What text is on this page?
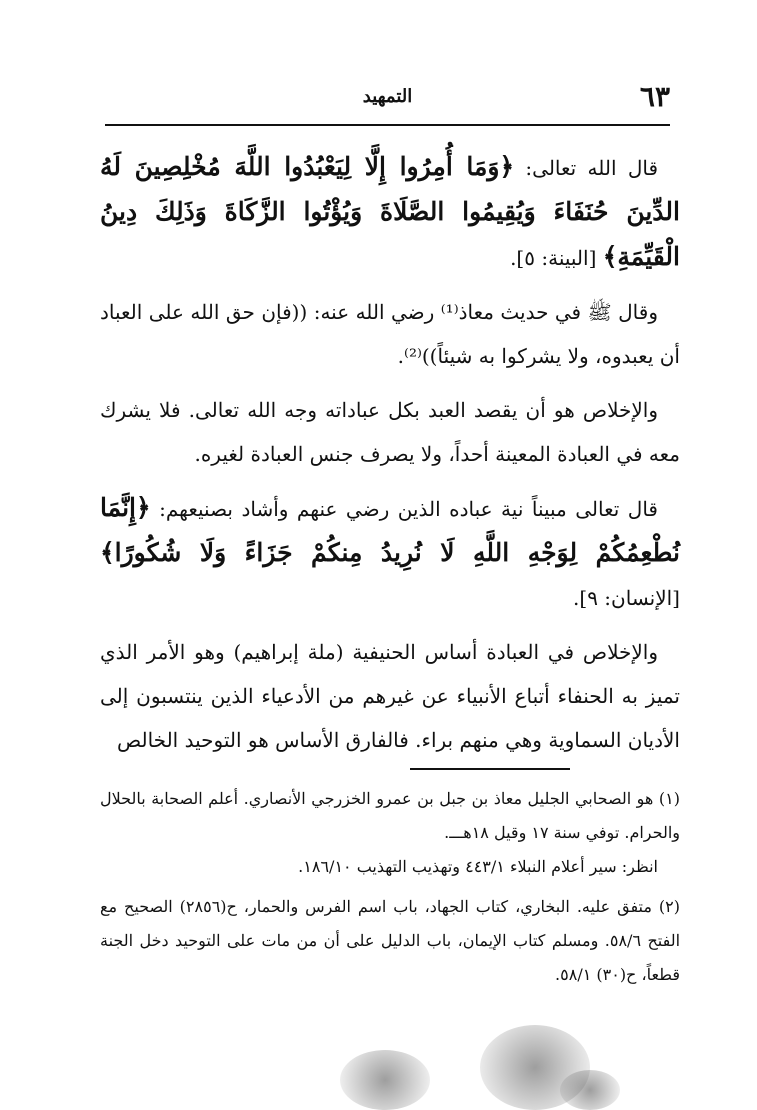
٦٣
التمهيد

قال الله تعالى: ﴿وَمَا أُمِرُوا إِلَّا لِيَعْبُدُوا اللَّهَ مُخْلِصِينَ لَهُ الدِّينَ حُنَفَاءَ وَيُقِيمُوا الصَّلَاةَ وَيُؤْتُوا الزَّكَاةَ وَذَلِكَ دِينُ الْقَيِّمَةِ﴾ [البينة: ٥].

وقال ﷺ في حديث معاذ⁽¹⁾ رضي الله عنه: ((فإن حق الله على العباد أن يعبدوه، ولا يشركوا به شيئاً))⁽²⁾.

والإخلاص هو أن يقصد العبد بكل عباداته وجه الله تعالى. فلا يشرك معه في العبادة المعينة أحداً، ولا يصرف جنس العبادة لغيره.

قال تعالى مبيناً نية عباده الذين رضي عنهم وأشاد بصنيعهم: ﴿إِنَّمَا نُطْعِمُكُمْ لِوَجْهِ اللَّهِ لَا نُرِيدُ مِنكُمْ جَزَاءً وَلَا شُكُورًا﴾ [الإنسان: ٩].

والإخلاص في العبادة أساس الحنيفية (ملة إبراهيم) وهو الأمر الذي تميز به الحنفاء أتباع الأنبياء عن غيرهم من الأدعياء الذين ينتسبون إلى الأديان السماوية وهي منهم براء. فالفارق الأساس هو التوحيد الخالص

(١) هو الصحابي الجليل معاذ بن جبل بن عمرو الخزرجي الأنصاري. أعلم الصحابة بالحلال والحرام. توفي سنة ١٧ وقيل ١٨هـــ.
انظر: سير أعلام النبلاء ٤٤٣/١ وتهذيب التهذيب ١٨٦/١٠.
(٢) متفق عليه. البخاري، كتاب الجهاد، باب اسم الفرس والحمار، ح(٢٨٥٦) الصحيح مع الفتح ٥٨/٦. ومسلم كتاب الإيمان، باب الدليل على أن من مات على التوحيد دخل الجنة قطعاً، ح(٣٠) ٥٨/١.
